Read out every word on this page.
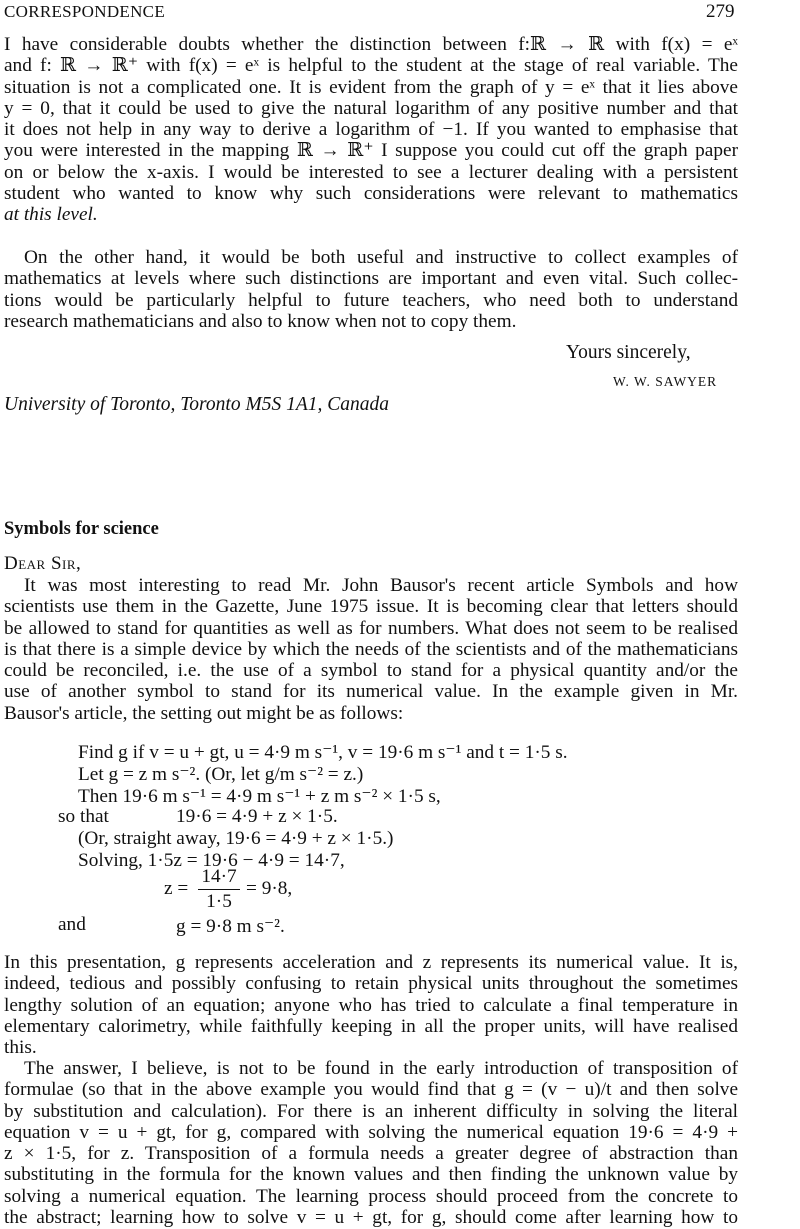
CORRESPONDENCE	279

I have considerable doubts whether the distinction between f:ℝ → ℝ with f(x) = eˣ
and f: ℝ → ℝ⁺ with f(x) = eˣ is helpful to the student at the stage of real variable. The
situation is not a complicated one. It is evident from the graph of y = eˣ that it lies above
y = 0, that it could be used to give the natural logarithm of any positive number and that
it does not help in any way to derive a logarithm of −1. If you wanted to emphasise that
you were interested in the mapping ℝ → ℝ⁺ I suppose you could cut off the graph paper
on or below the x-axis. I would be interested to see a lecturer dealing with a persistent
student who wanted to know why such considerations were relevant to mathematics
at this level.

On the other hand, it would be both useful and instructive to collect examples of
mathematics at levels where such distinctions are important and even vital. Such collec-
tions would be particularly helpful to future teachers, who need both to understand
research mathematicians and also to know when not to copy them.

Yours sincerely,
W. W. SAWYER
University of Toronto, Toronto M5S 1A1, Canada
Symbols for science
Dear Sir,

It was most interesting to read Mr. John Bausor's recent article Symbols and how
scientists use them in the Gazette, June 1975 issue. It is becoming clear that letters should
be allowed to stand for quantities as well as for numbers. What does not seem to be realised
is that there is a simple device by which the needs of the scientists and of the mathematicians
could be reconciled, i.e. the use of a symbol to stand for a physical quantity and/or the
use of another symbol to stand for its numerical value. In the example given in Mr.
Bausor's article, the setting out might be as follows:

Find g if v = u + gt, u = 4·9 m s⁻¹, v = 19·6 m s⁻¹ and t = 1·5 s.
Let g = z m s⁻². (Or, let g/m s⁻² = z.)
Then 19·6 m s⁻¹ = 4·9 m s⁻¹ + z m s⁻² × 1·5 s,
so that	19·6 = 4·9 + z × 1·5.
(Or, straight away, 19·6 = 4·9 + z × 1·5.)
Solving, 1·5z = 19·6 − 4·9 = 14·7,
z =
14·7
1·5
= 9·8,
and	g = 9·8 m s⁻².

In this presentation, g represents acceleration and z represents its numerical value. It is,
indeed, tedious and possibly confusing to retain physical units throughout the sometimes
lengthy solution of an equation; anyone who has tried to calculate a final temperature in
elementary calorimetry, while faithfully keeping in all the proper units, will have realised
this.

The answer, I believe, is not to be found in the early introduction of transposition of
formulae (so that in the above example you would find that g = (v − u)/t and then solve
by substitution and calculation). For there is an inherent difficulty in solving the literal
equation v = u + gt, for g, compared with solving the numerical equation 19·6 = 4·9 +
z × 1·5, for z. Transposition of a formula needs a greater degree of abstraction than
substituting in the formula for the known values and then finding the unknown value by
solving a numerical equation. The learning process should proceed from the concrete to
the abstract; learning how to solve v = u + gt, for g, should come after learning how to
